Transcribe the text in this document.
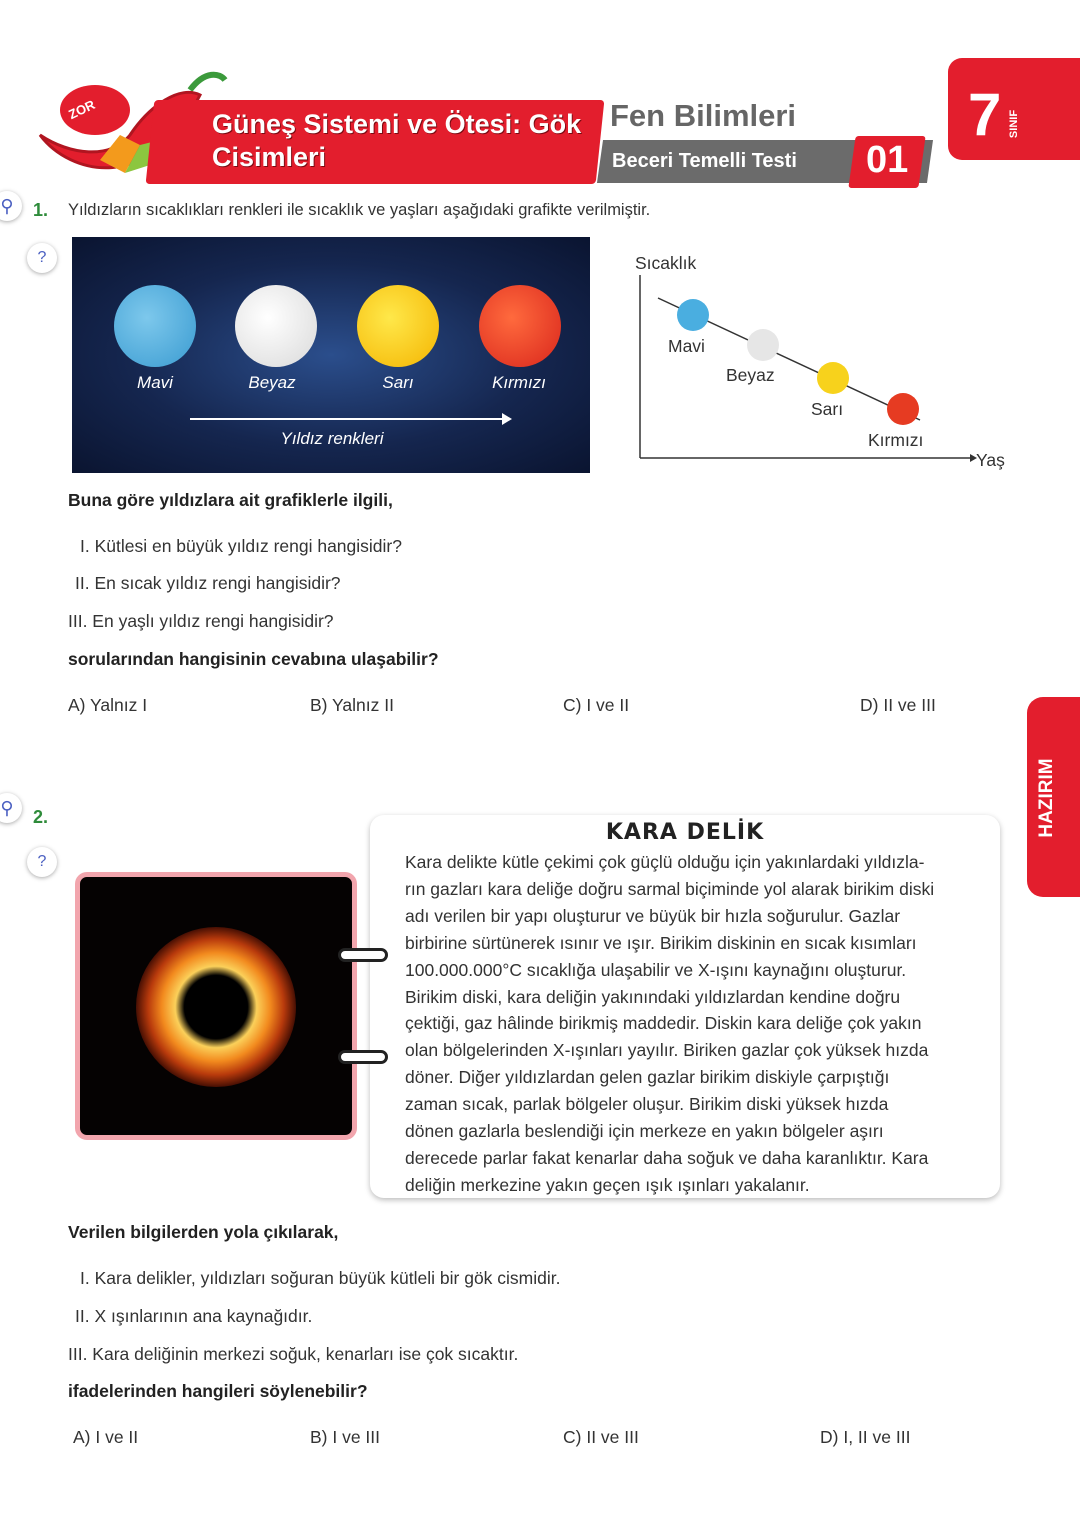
ZOR	Güneş Sistemi ve Ötesi: Gök
Cisimleri
Fen Bilimleri
Beceri Temelli Testi 01
7 SINIF
HAZIRIM
⚲	1. Yıldızların sıcaklıkları renkleri ile sıcaklık ve yaşları aşağıdaki grafikte verilmiştir.
?
Mavi	Beyaz	Sarı	Kırmızı
Yıldız renkleri
Sıcaklık
Yaş
Mavi
Beyaz
Sarı
Kırmızı
Buna göre yıldızlara ait grafiklerle ilgili,
I. Kütlesi en büyük yıldız rengi hangisidir?
II. En sıcak yıldız rengi hangisidir?
III. En yaşlı yıldız rengi hangisidir?
sorularından hangisinin cevabına ulaşabilir?
A) Yalnız I	B) Yalnız II	C) I ve II	D) II ve III
⚲	2.
?
KARA DELİK
Kara delikte kütle çekimi çok güçlü olduğu için yakınlardaki yıldızla-
rın gazları kara deliğe doğru sarmal biçiminde yol alarak birikim diski
adı verilen bir yapı oluşturur ve büyük bir hızla soğurulur. Gazlar
birbirine sürtünerek ısınır ve ışır. Birikim diskinin en sıcak kısımları
100.000.000°C sıcaklığa ulaşabilir ve X-ışını kaynağını oluşturur.
Birikim diski, kara deliğin yakınındaki yıldızlardan kendine doğru
çektiği, gaz hâlinde birikmiş maddedir. Diskin kara deliğe çok yakın
olan bölgelerinden X-ışınları yayılır. Biriken gazlar çok yüksek hızda
döner. Diğer yıldızlardan gelen gazlar birikim diskiyle çarpıştığı
zaman sıcak, parlak bölgeler oluşur. Birikim diski yüksek hızda
dönen gazlarla beslendiği için merkeze en yakın bölgeler aşırı
derecede parlar fakat kenarlar daha soğuk ve daha karanlıktır. Kara
deliğin merkezine yakın geçen ışık ışınları yakalanır.
Verilen bilgilerden yola çıkılarak,
I. Kara delikler, yıldızları soğuran büyük kütleli bir gök cismidir.
II. X ışınlarının ana kaynağıdır.
III. Kara deliğinin merkezi soğuk, kenarları ise çok sıcaktır.
ifadelerinden hangileri söylenebilir?
A) I ve II	B) I ve III	C) II ve III	D) I, II ve III
